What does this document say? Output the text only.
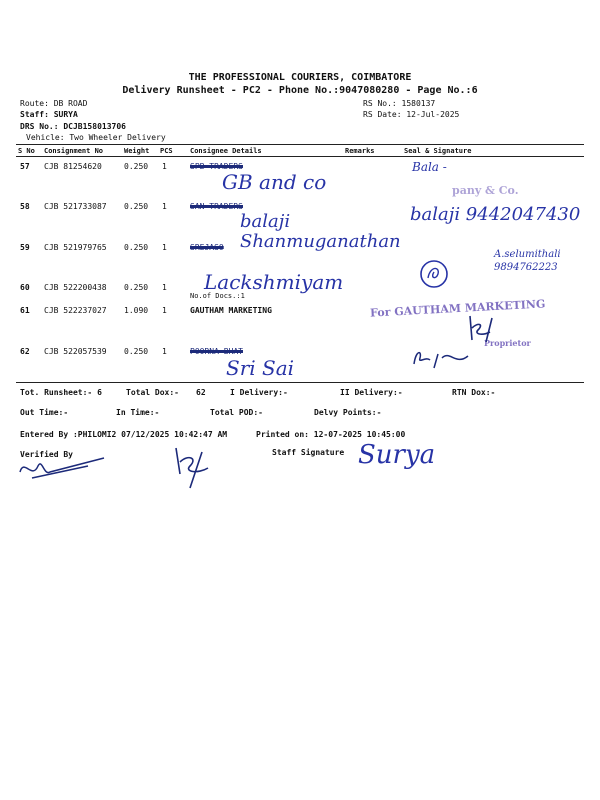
THE PROFESSIONAL COURIERS, COIMBATORE
Delivery Runsheet - PC2 - Phone No.:9047080280 - Page No.:6
Route: DB ROAD
Staff: SURYA
DRS No.: DCJB158013706
Vehicle: Two Wheeler Delivery
RS No.: 1580137
RS Date: 12-Jul-2025
S No Consignment No	Weight PCS Consignee Details	Remarks	Seal & Signature
57 CJB 81254620	0.250 1	SPB TRADERS
GB and co
Bala -
pany & Co.
58 CJB 521733087 0.250 1	SAN TRADERS
balaji Shanmuganathan
balaji 9442047430
59 CJB 521979765 0.250 1	SREJASO
A.selumithali 9894762223
60 CJB 522200438 0.250 1
No.of Docs.:1
Lackshmiyam
61 CJB 522237027 1.090 1	GAUTHAM MARKETING	For GAUTHAM MARKETING
Proprietor
62 CJB 522057539 0.250 1	POORNA BHAT
Sri Sai
Tot. Runsheet:- 6	Total Dox:- 62	I Delivery:-	II Delivery:-	RTN Dox:-
Out Time:-	In Time:-	Total POD:-	Delvy Points:-
Entered By :PHILOMI2 07/12/2025 10:42:47 AM	Printed on: 12-07-2025 10:45:00
Verified By	Staff Signature Surya
